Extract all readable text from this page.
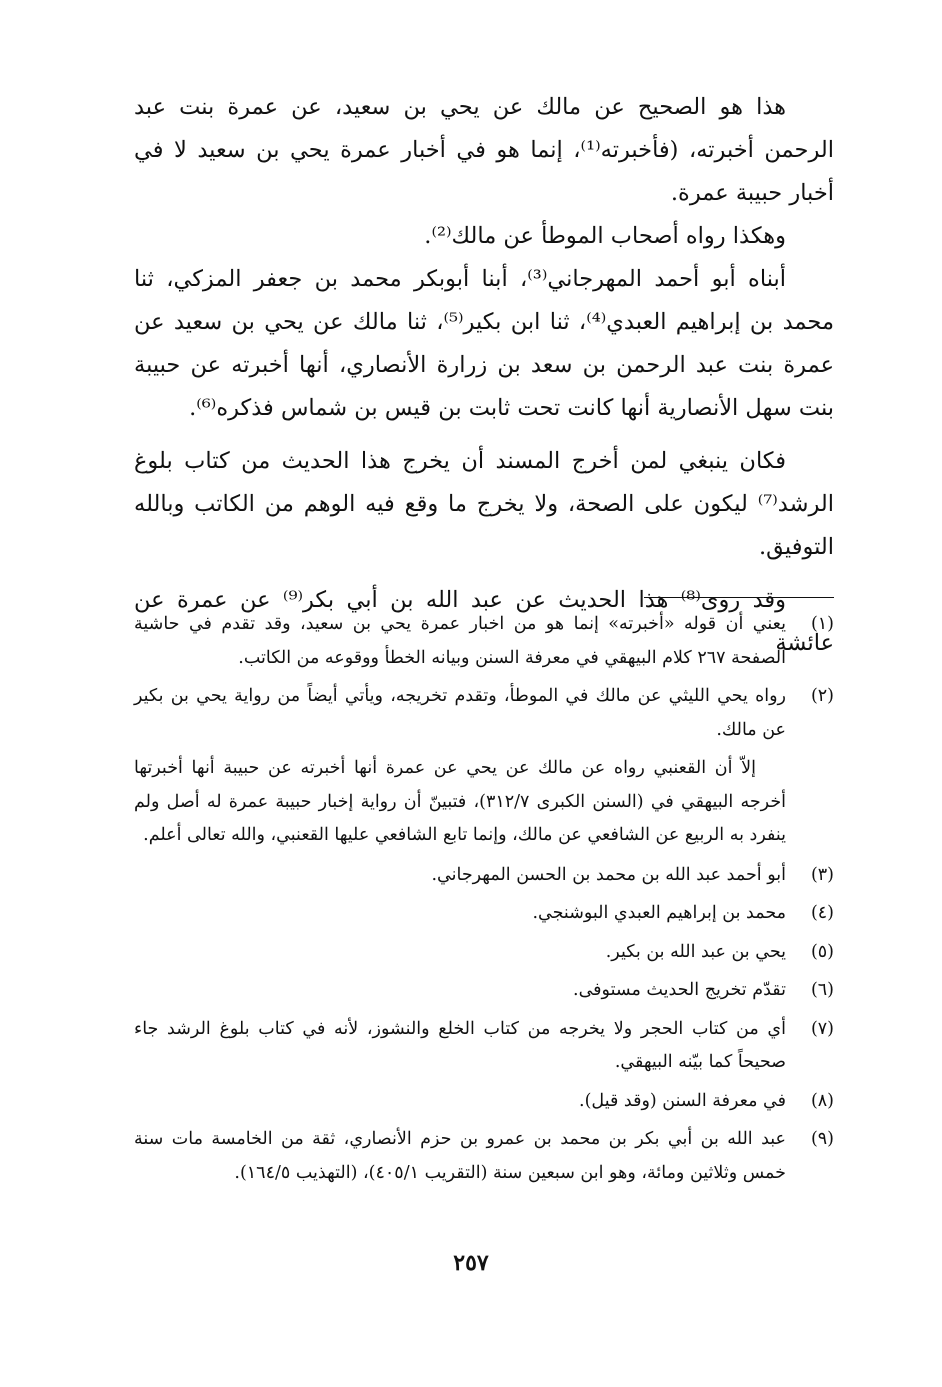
هذا هو الصحيح عن مالك عن يحي بن سعيد، عن عمرة بنت عبد الرحمن أخبرته، (فأخبرته⁽¹⁾، إنما هو في أخبار عمرة يحي بن سعيد لا في أخبار حبيبة عمرة.

وهكذا رواه أصحاب الموطأ عن مالك⁽²⁾.

أبناه أبو أحمد المهرجاني⁽³⁾، أبنا أبوبكر محمد بن جعفر المزكي، ثنا محمد بن إبراهيم العبدي⁽⁴⁾، ثنا ابن بكير⁽⁵⁾، ثنا مالك عن يحي بن سعيد عن عمرة بنت عبد الرحمن بن سعد بن زرارة الأنصاري، أنها أخبرته عن حبيبة بنت سهل الأنصارية أنها كانت تحت ثابت بن قيس بن شماس فذكره⁽⁶⁾.

فكان ينبغي لمن أخرج المسند أن يخرج هذا الحديث من كتاب بلوغ الرشد⁽⁷⁾ ليكون على الصحة، ولا يخرج ما وقع فيه الوهم من الكاتب وبالله التوفيق.

وقد روى⁽⁸⁾ هذا الحديث عن عبد الله بن أبي بكر⁽⁹⁾ عن عمرة عن عائشة

(١)
يعني أن قوله «أخبرته» إنما هو من اخبار عمرة يحي بن سعيد، وقد تقدم في حاشية الصفحة ٢٦٧ كلام البيهقي في معرفة السنن وبيانه الخطأ ووقوعه من الكاتب.
(٢)
رواه يحي الليثي عن مالك في الموطأ، وتقدم تخريجه، ويأتي أيضاً من رواية يحي بن بكير عن مالك.
إلاّ أن القعنبي رواه عن مالك عن يحي عن عمرة أنها أخبرته عن حبيبة أنها أخبرتها أخرجه البيهقي في (السنن الكبرى ٣١٢/٧)، فتبينّ أن رواية إخبار حبيبة عمرة له أصل ولم ينفرد به الربيع عن الشافعي عن مالك، وإنما تابع الشافعي عليها القعنبي، والله تعالى أعلم.
(٣)
أبو أحمد عبد الله بن محمد بن الحسن المهرجاني.
(٤)
محمد بن إبراهيم العبدي البوشنجي.
(٥)
يحي بن عبد الله بن بكير.
(٦)
تقدّم تخريج الحديث مستوفى.
(٧)
أي من كتاب الحجر ولا يخرجه من كتاب الخلع والنشوز، لأنه في كتاب بلوغ الرشد جاء صحيحاً كما بيّنه البيهقي.
(٨)
في معرفة السنن (وقد قيل).
(٩)
عبد الله بن أبي بكر بن محمد بن عمرو بن حزم الأنصاري، ثقة من الخامسة مات سنة خمس وثلاثين ومائة، وهو ابن سبعين سنة (التقريب ٤٠٥/١)، (التهذيب ١٦٤/٥).
٢٥٧
